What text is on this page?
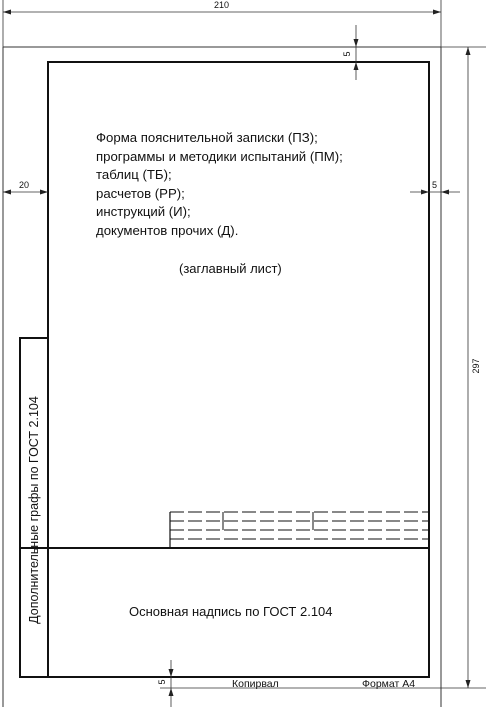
210
297
20	5
5
5
Форма пояснительной записки (ПЗ);
программы и методики испытаний (ПМ);
таблиц (ТБ);
расчетов (РР);
инструкций (И);
документов прочих (Д).
(заглавный лист)
Основная надпись по ГОСТ 2.104
Дополнительные графы по ГОСТ 2.104
Копирвал	Формат А4
